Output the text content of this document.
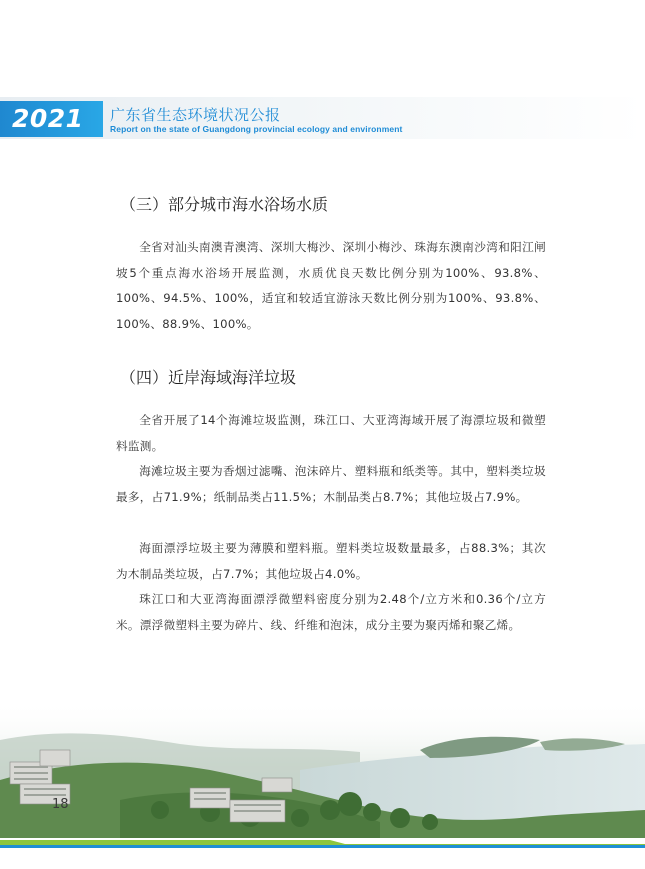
2021 广东省生态环境状况公报
Report on the state of Guangdong provincial ecology and environment
（三）部分城市海水浴场水质

全省对汕头南澳青澳湾、深圳大梅沙、深圳小梅沙、珠海东澳南沙湾和阳江闸坡5个重点海水浴场开展监测，水质优良天数比例分别为100%、93.8%、100%、94.5%、100%，适宜和较适宜游泳天数比例分别为100%、93.8%、100%、88.9%、100%。

（四）近岸海域海洋垃圾

全省开展了14个海滩垃圾监测，珠江口、大亚湾海域开展了海漂垃圾和微塑料监测。

海滩垃圾主要为香烟过滤嘴、泡沫碎片、塑料瓶和纸类等。其中，塑料类垃圾最多，占71.9%；纸制品类占11.5%；木制品类占8.7%；其他垃圾占7.9%。

海面漂浮垃圾主要为薄膜和塑料瓶。塑料类垃圾数量最多，占88.3%；其次为木制品类垃圾，占7.7%；其他垃圾占4.0%。

珠江口和大亚湾海面漂浮微塑料密度分别为2.48个/立方米和0.36个/立方米。漂浮微塑料主要为碎片、线、纤维和泡沫，成分主要为聚丙烯和聚乙烯。

18
